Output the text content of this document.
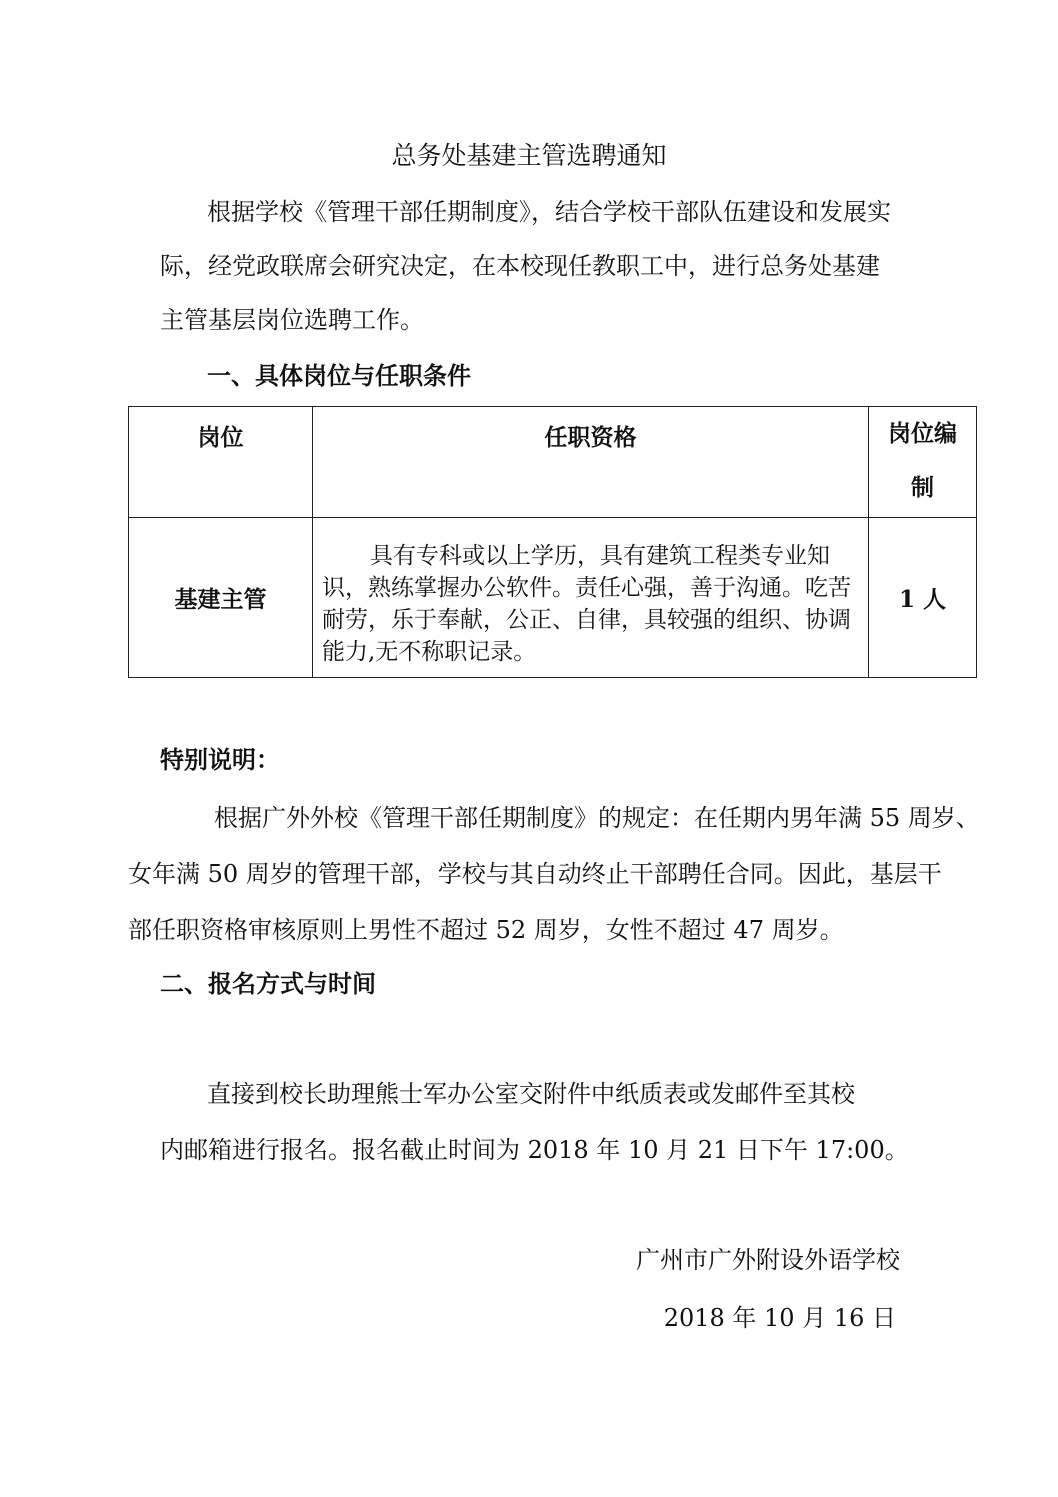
总务处基建主管选聘通知
根据学校《管理干部任期制度》，结合学校干部队伍建设和发展实
际，经党政联席会研究决定，在本校现任教职工中，进行总务处基建
主管基层岗位选聘工作。
一、具体岗位与任职条件
岗位	任职资格	岗位编制

基建主管	具有专科或以上学历，具有建筑工程类专业知识，熟练掌握办公软件。责任心强，善于沟通。吃苦耐劳，乐于奉献，公正、自律，具较强的组织、协调能力,无不称职记录。	1 人
特别说明：
根据广外外校《管理干部任期制度》的规定：在任期内男年满 55 周岁、
女年满 50 周岁的管理干部，学校与其自动终止干部聘任合同。因此，基层干
部任职资格审核原则上男性不超过 52 周岁，女性不超过 47 周岁。
二、报名方式与时间
直接到校长助理熊士军办公室交附件中纸质表或发邮件至其校
内邮箱进行报名。报名截止时间为 2018 年 10 月 21 日下午 17:00。
广州市广外附设外语学校
2018 年 10 月 16 日
